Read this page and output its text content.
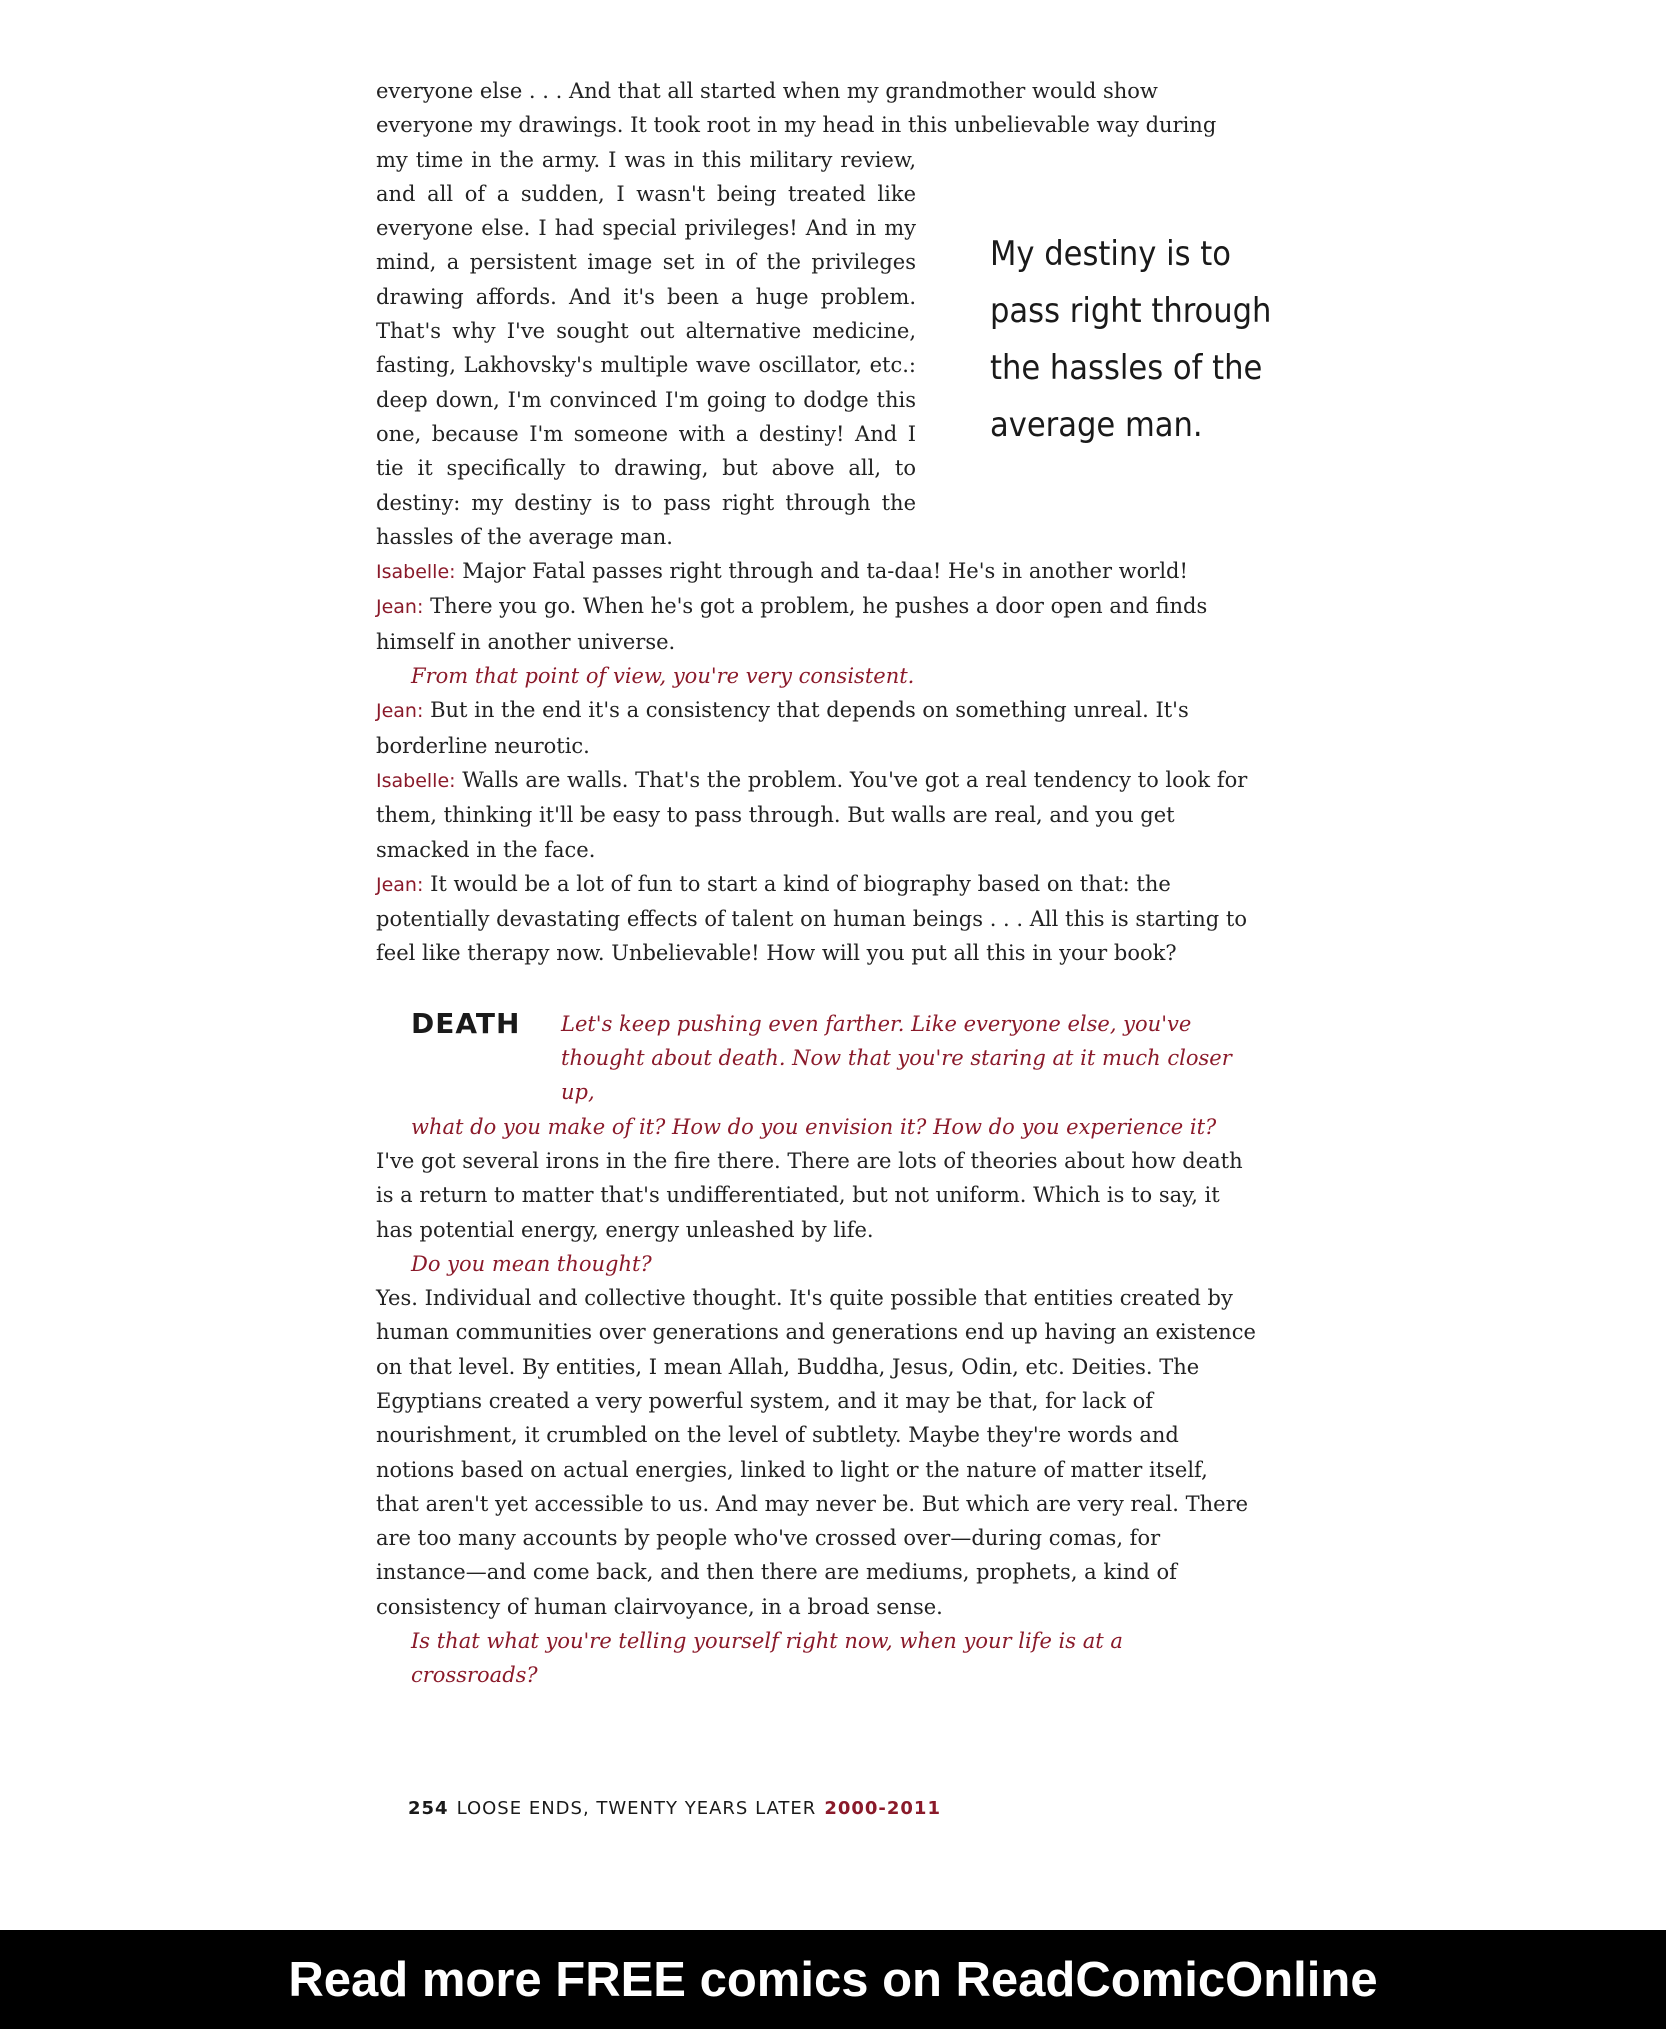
everyone else . . . And that all started when my grandmother would show everyone my drawings. It took root in my head in this unbelievable way during

my time in the army. I was in this military review, and all of a sudden, I wasn't being treated like everyone else. I had special privileges! And in my mind, a persistent image set in of the privileges drawing affords. And it's been a huge problem. That's why I've sought out alternative medicine, fasting, Lakhovsky's multiple wave oscillator, etc.: deep down, I'm convinced I'm going to dodge this one, because I'm someone with a destiny! And I tie it specifically to drawing, but above all, to destiny: my destiny is to pass right through the hassles of the average man.

Isabelle: Major Fatal passes right through and ta-daa! He's in another world!

Jean: There you go. When he's got a problem, he pushes a door open and finds himself in another universe.

From that point of view, you're very consistent.

Jean: But in the end it's a consistency that depends on something unreal. It's borderline neurotic.

Isabelle: Walls are walls. That's the problem. You've got a real tendency to look for them, thinking it'll be easy to pass through. But walls are real, and you get smacked in the face.

Jean: It would be a lot of fun to start a kind of biography based on that: the potentially devastating effects of talent on human beings . . . All this is starting to feel like therapy now. Unbelievable! How will you put all this in your book?

DEATH	Let's keep pushing even farther. Like everyone else, you've thought about death. Now that you're staring at it much closer up,

what do you make of it? How do you envision it? How do you experience it?

I've got several irons in the fire there. There are lots of theories about how death is a return to matter that's undifferentiated, but not uniform. Which is to say, it has potential energy, energy unleashed by life.

Do you mean thought?

Yes. Individual and collective thought. It's quite possible that entities created by human communities over generations and generations end up having an existence on that level. By entities, I mean Allah, Buddha, Jesus, Odin, etc. Deities. The Egyptians created a very powerful system, and it may be that, for lack of nourishment, it crumbled on the level of subtlety. Maybe they're words and notions based on actual energies, linked to light or the nature of matter itself, that aren't yet accessible to us. And may never be. But which are very real. There are too many accounts by people who've crossed over—during comas, for instance—and come back, and then there are mediums, prophets, a kind of consistency of human clairvoyance, in a broad sense.

Is that what you're telling yourself right now, when your life is at a crossroads?

My destiny is to pass right through the hassles of the average man.
254 LOOSE ENDS, TWENTY YEARS LATER 2000-2011
Read more FREE comics on ReadComicOnline
